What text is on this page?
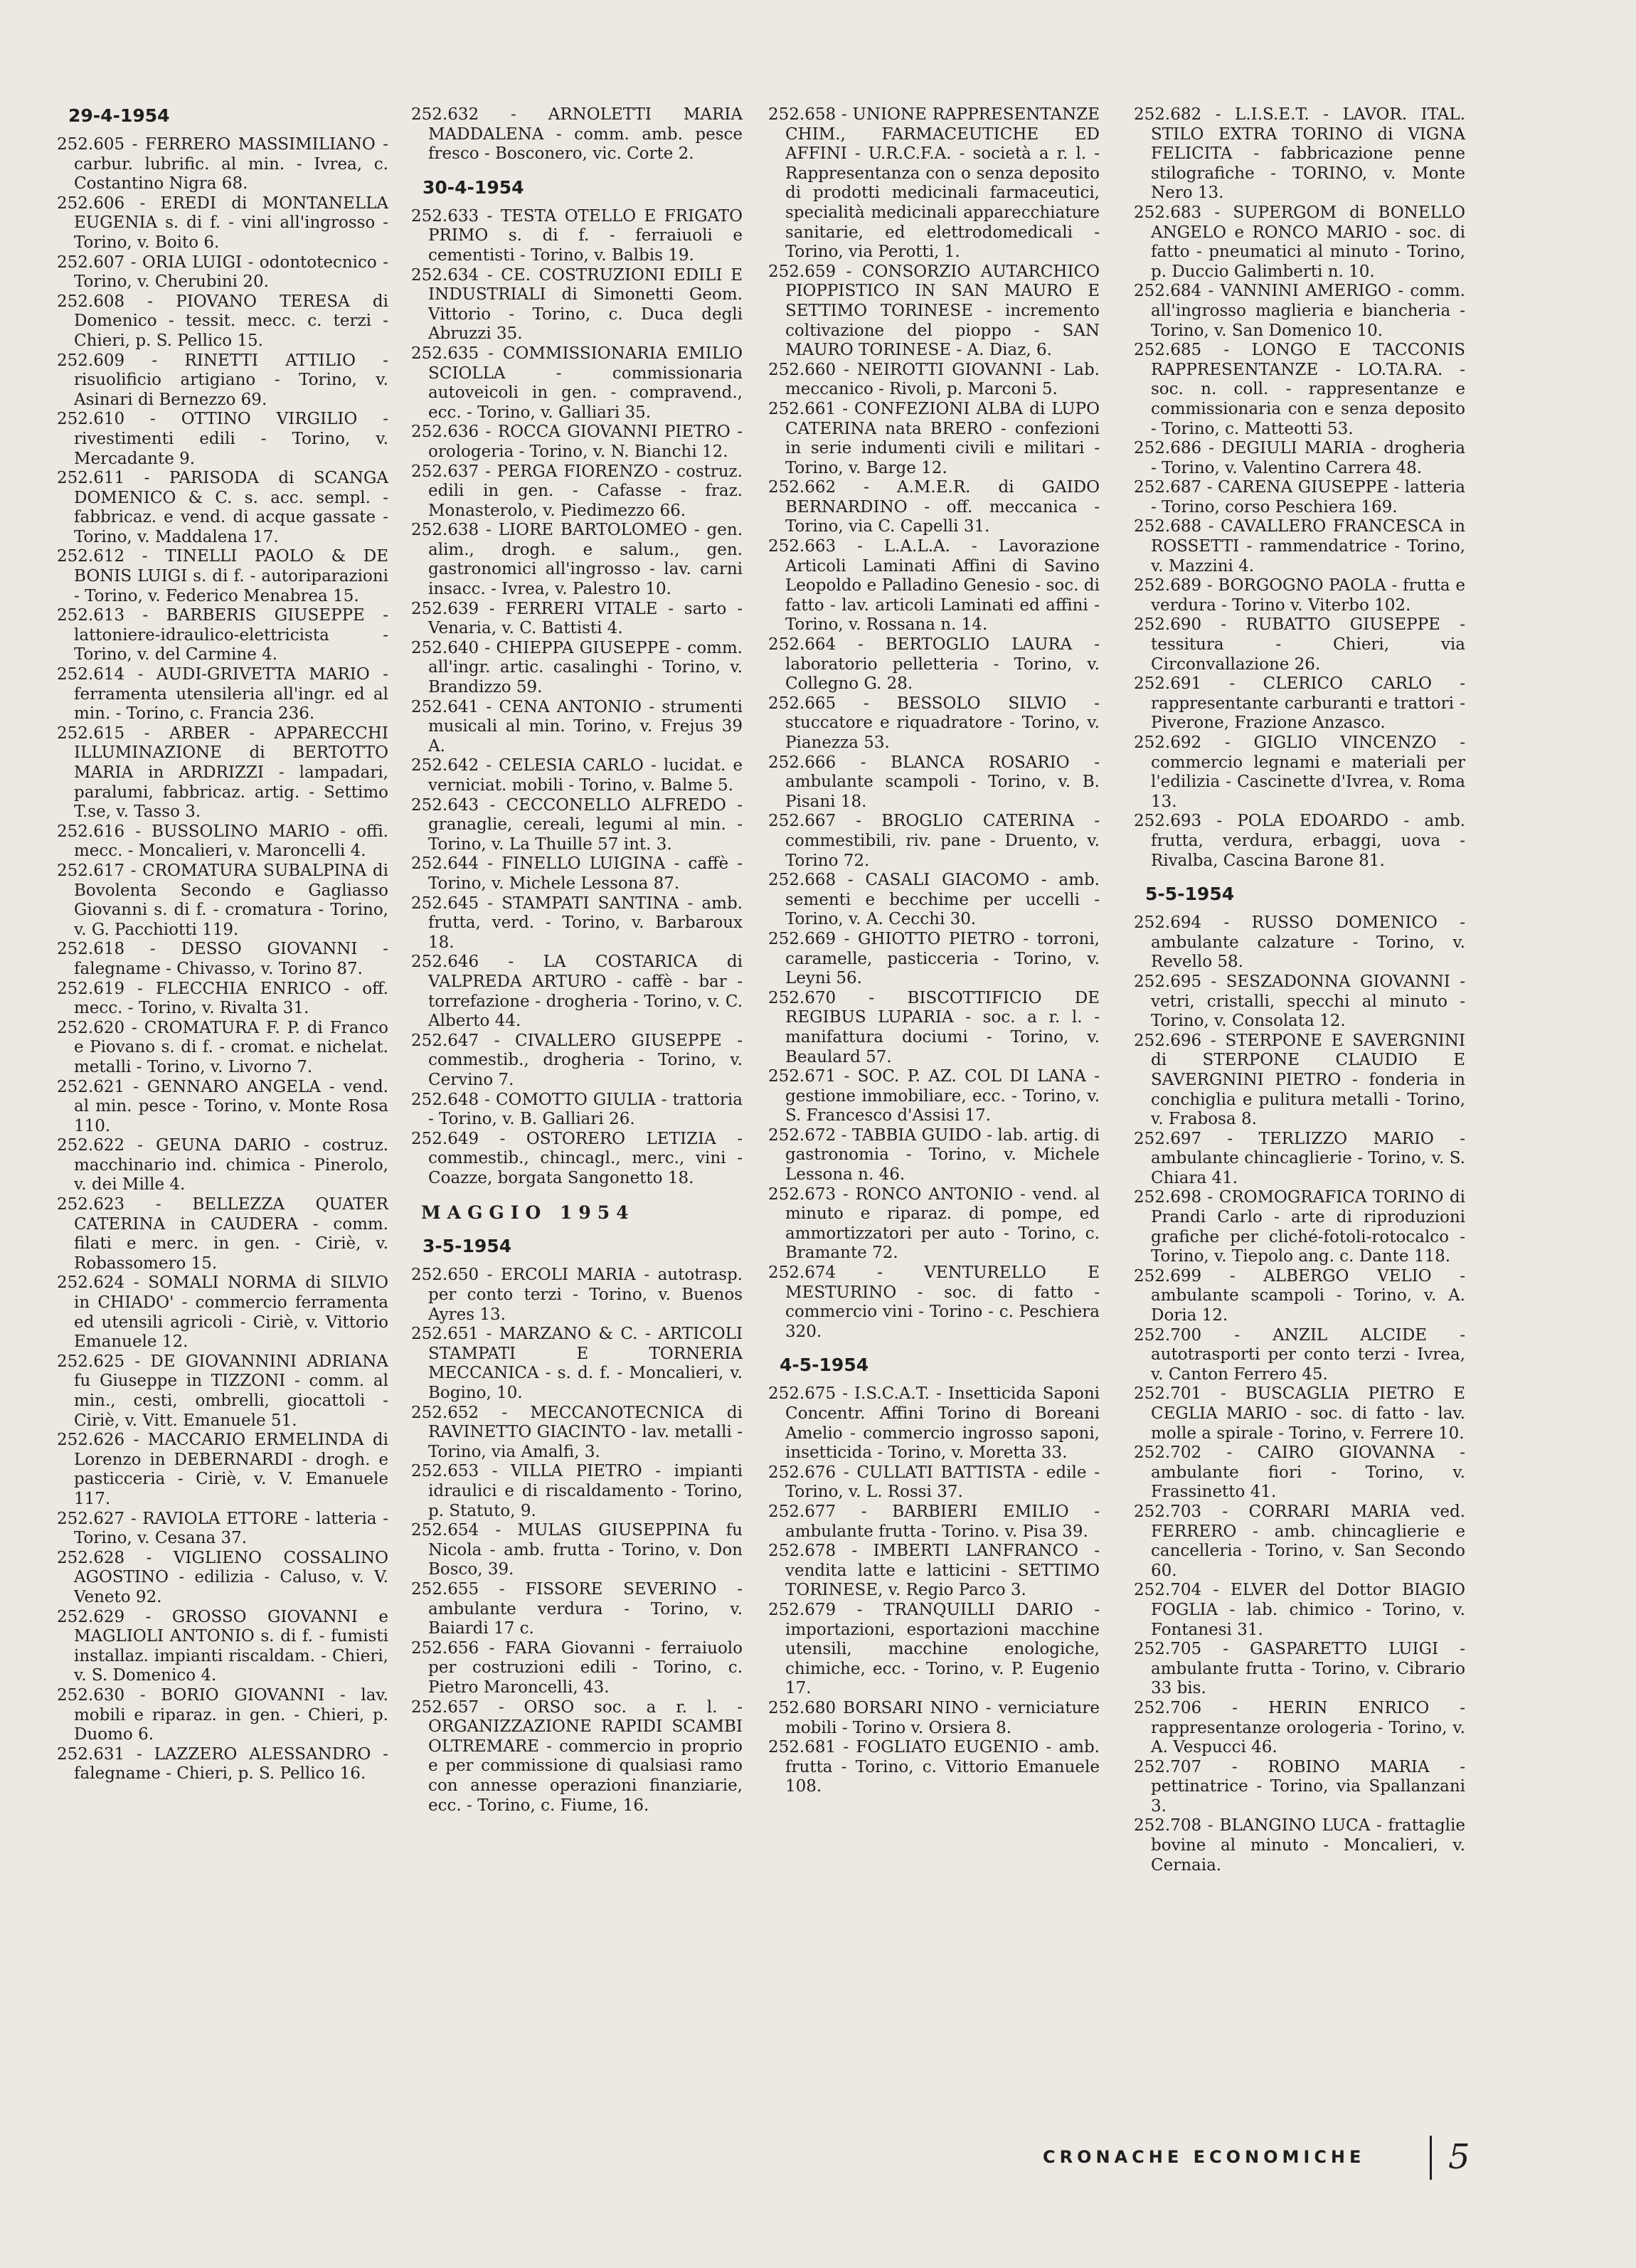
29-4-1954

252.605 - FERRERO MASSIMILIANO - carbur. lubrific. al min. - Ivrea, c. Costantino Nigra 68.

252.606 - EREDI di MONTANELLA EUGENIA s. di f. - vini all'ingrosso - Torino, v. Boito 6.

252.607 - ORIA LUIGI - odontotecnico - Torino, v. Cherubini 20.

252.608 - PIOVANO TERESA di Domenico - tessit. mecc. c. terzi - Chieri, p. S. Pellico 15.

252.609 - RINETTI ATTILIO - risuolificio artigiano - Torino, v. Asinari di Bernezzo 69.

252.610 - OTTINO VIRGILIO - rivestimenti edili - Torino, v. Mercadante 9.

252.611 - PARISODA di SCANGA DOMENICO & C. s. acc. sempl. - fabbricaz. e vend. di acque gassate - Torino, v. Maddalena 17.

252.612 - TINELLI PAOLO & DE BONIS LUIGI s. di f. - autoriparazioni - Torino, v. Federico Menabrea 15.

252.613 - BARBERIS GIUSEPPE - lattoniere-idraulico-elettricista - Torino, v. del Carmine 4.

252.614 - AUDI-GRIVETTA MARIO - ferramenta utensileria all'ingr. ed al min. - Torino, c. Francia 236.

252.615 - ARBER - APPARECCHI ILLUMINAZIONE di BERTOTTO MARIA in ARDRIZZI - lampadari, paralumi, fabbricaz. artig. - Settimo T.se, v. Tasso 3.

252.616 - BUSSOLINO MARIO - offi. mecc. - Moncalieri, v. Maroncelli 4.

252.617 - CROMATURA SUBALPINA di Bovolenta Secondo e Gagliasso Giovanni s. di f. - cromatura - Torino, v. G. Pacchiotti 119.

252.618 - DESSO GIOVANNI - falegname - Chivasso, v. Torino 87.

252.619 - FLECCHIA ENRICO - off. mecc. - Torino, v. Rivalta 31.

252.620 - CROMATURA F. P. di Franco e Piovano s. di f. - cromat. e nichelat. metalli - Torino, v. Livorno 7.

252.621 - GENNARO ANGELA - vend. al min. pesce - Torino, v. Monte Rosa 110.

252.622 - GEUNA DARIO - costruz. macchinario ind. chimica - Pinerolo, v. dei Mille 4.

252.623 - BELLEZZA QUATER CATERINA in CAUDERA - comm. filati e merc. in gen. - Ciriè, v. Robassomero 15.

252.624 - SOMALI NORMA di SILVIO in CHIADO' - commercio ferramenta ed utensili agricoli - Ciriè, v. Vittorio Emanuele 12.

252.625 - DE GIOVANNINI ADRIANA fu Giuseppe in TIZZONI - comm. al min., cesti, ombrelli, giocattoli - Ciriè, v. Vitt. Emanuele 51.

252.626 - MACCARIO ERMELINDA di Lorenzo in DEBERNARDI - drogh. e pasticceria - Ciriè, v. V. Emanuele 117.

252.627 - RAVIOLA ETTORE - latteria - Torino, v. Cesana 37.

252.628 - VIGLIENO COSSALINO AGOSTINO - edilizia - Caluso, v. V. Veneto 92.

252.629 - GROSSO GIOVANNI e MAGLIOLI ANTONIO s. di f. - fumisti installaz. impianti riscaldam. - Chieri, v. S. Domenico 4.

252.630 - BORIO GIOVANNI - lav. mobili e riparaz. in gen. - Chieri, p. Duomo 6.

252.631 - LAZZERO ALESSANDRO - falegname - Chieri, p. S. Pellico 16.

252.632 - ARNOLETTI MARIA MADDALENA - comm. amb. pesce fresco - Bosconero, vic. Corte 2.

30-4-1954

252.633 - TESTA OTELLO E FRIGATO PRIMO s. di f. - ferraiuoli e cementisti - Torino, v. Balbis 19.

252.634 - CE. COSTRUZIONI EDILI E INDUSTRIALI di Simonetti Geom. Vittorio - Torino, c. Duca degli Abruzzi 35.

252.635 - COMMISSIONARIA EMILIO SCIOLLA - commissionaria autoveicoli in gen. - compravend., ecc. - Torino, v. Galliari 35.

252.636 - ROCCA GIOVANNI PIETRO - orologeria - Torino, v. N. Bianchi 12.

252.637 - PERGA FIORENZO - costruz. edili in gen. - Cafasse - fraz. Monasterolo, v. Piedimezzo 66.

252.638 - LIORE BARTOLOMEO - gen. alim., drogh. e salum., gen. gastronomici all'ingrosso - lav. carni insacc. - Ivrea, v. Palestro 10.

252.639 - FERRERI VITALE - sarto - Venaria, v. C. Battisti 4.

252.640 - CHIEPPA GIUSEPPE - comm. all'ingr. artic. casalinghi - Torino, v. Brandizzo 59.

252.641 - CENA ANTONIO - strumenti musicali al min. Torino, v. Frejus 39 A.

252.642 - CELESIA CARLO - lucidat. e verniciat. mobili - Torino, v. Balme 5.

252.643 - CECCONELLO ALFREDO - granaglie, cereali, legumi al min. - Torino, v. La Thuille 57 int. 3.

252.644 - FINELLO LUIGINA - caffè - Torino, v. Michele Lessona 87.

252.645 - STAMPATI SANTINA - amb. frutta, verd. - Torino, v. Barbaroux 18.

252.646 - LA COSTARICA di VALPREDA ARTURO - caffè - bar - torrefazione - drogheria - Torino, v. C. Alberto 44.

252.647 - CIVALLERO GIUSEPPE - commestib., drogheria - Torino, v. Cervino 7.

252.648 - COMOTTO GIULIA - trattoria - Torino, v. B. Galliari 26.

252.649 - OSTORERO LETIZIA - commestib., chincagl., merc., vini - Coazze, borgata Sangonetto 18.

MAGGIO 1954
3-5-1954

252.650 - ERCOLI MARIA - autotrasp. per conto terzi - Torino, v. Buenos Ayres 13.

252.651 - MARZANO & C. - ARTICOLI STAMPATI E TORNERIA MECCANICA - s. d. f. - Moncalieri, v. Bogino, 10.

252.652 - MECCANOTECNICA di RAVINETTO GIACINTO - lav. metalli - Torino, via Amalfi, 3.

252.653 - VILLA PIETRO - impianti idraulici e di riscaldamento - Torino, p. Statuto, 9.

252.654 - MULAS GIUSEPPINA fu Nicola - amb. frutta - Torino, v. Don Bosco, 39.

252.655 - FISSORE SEVERINO - ambulante verdura - Torino, v. Baiardi 17 c.

252.656 - FARA Giovanni - ferraiuolo per costruzioni edili - Torino, c. Pietro Maroncelli, 43.

252.657 - ORSO soc. a r. l. - ORGANIZZAZIONE RAPIDI SCAMBI OLTREMARE - commercio in proprio e per commissione di qualsiasi ramo con annesse operazioni finanziarie, ecc. - Torino, c. Fiume, 16.

252.658 - UNIONE RAPPRESENTANZE CHIM., FARMACEUTICHE ED AFFINI - U.R.C.F.A. - società a r. l. - Rappresentanza con o senza deposito di prodotti medicinali farmaceutici, specialità medicinali apparecchiature sanitarie, ed elettrodomedicali - Torino, via Perotti, 1.

252.659 - CONSORZIO AUTARCHICO PIOPPISTICO IN SAN MAURO E SETTIMO TORINESE - incremento coltivazione del pioppo - SAN MAURO TORINESE - A. Diaz, 6.

252.660 - NEIROTTI GIOVANNI - Lab. meccanico - Rivoli, p. Marconi 5.

252.661 - CONFEZIONI ALBA di LUPO CATERINA nata BRERO - confezioni in serie indumenti civili e militari - Torino, v. Barge 12.

252.662 - A.M.E.R. di GAIDO BERNARDINO - off. meccanica - Torino, via C. Capelli 31.

252.663 - L.A.L.A. - Lavorazione Articoli Laminati Affini di Savino Leopoldo e Palladino Genesio - soc. di fatto - lav. articoli Laminati ed affini - Torino, v. Rossana n. 14.

252.664 - BERTOGLIO LAURA - laboratorio pelletteria - Torino, v. Collegno G. 28.

252.665 - BESSOLO SILVIO - stuccatore e riquadratore - Torino, v. Pianezza 53.

252.666 - BLANCA ROSARIO - ambulante scampoli - Torino, v. B. Pisani 18.

252.667 - BROGLIO CATERINA - commestibili, riv. pane - Druento, v. Torino 72.

252.668 - CASALI GIACOMO - amb. sementi e becchime per uccelli - Torino, v. A. Cecchi 30.

252.669 - GHIOTTO PIETRO - torroni, caramelle, pasticceria - Torino, v. Leyni 56.

252.670 - BISCOTTIFICIO DE REGIBUS LUPARIA - soc. a r. l. - manifattura dociumi - Torino, v. Beaulard 57.

252.671 - SOC. P. AZ. COL DI LANA - gestione immobiliare, ecc. - Torino, v. S. Francesco d'Assisi 17.

252.672 - TABBIA GUIDO - lab. artig. di gastronomia - Torino, v. Michele Lessona n. 46.

252.673 - RONCO ANTONIO - vend. al minuto e riparaz. di pompe, ed ammortizzatori per auto - Torino, c. Bramante 72.

252.674 - VENTURELLO E MESTURINO - soc. di fatto - commercio vini - Torino - c. Peschiera 320.

4-5-1954

252.675 - I.S.C.A.T. - Insetticida Saponi Concentr. Affini Torino di Boreani Amelio - commercio ingrosso saponi, insetticida - Torino, v. Moretta 33.

252.676 - CULLATI BATTISTA - edile - Torino, v. L. Rossi 37.

252.677 - BARBIERI EMILIO - ambulante frutta - Torino. v. Pisa 39.

252.678 - IMBERTI LANFRANCO - vendita latte e latticini - SETTIMO TORINESE, v. Regio Parco 3.

252.679 - TRANQUILLI DARIO - importazioni, esportazioni macchine utensili, macchine enologiche, chimiche, ecc. - Torino, v. P. Eugenio 17.

252.680 BORSARI NINO - verniciature mobili - Torino v. Orsiera 8.

252.681 - FOGLIATO EUGENIO - amb. frutta - Torino, c. Vittorio Emanuele 108.

252.682 - L.I.S.E.T. - LAVOR. ITAL. STILO EXTRA TORINO di VIGNA FELICITA - fabbricazione penne stilografiche - TORINO, v. Monte Nero 13.

252.683 - SUPERGOM di BONELLO ANGELO e RONCO MARIO - soc. di fatto - pneumatici al minuto - Torino, p. Duccio Galimberti n. 10.

252.684 - VANNINI AMERIGO - comm. all'ingrosso maglieria e biancheria - Torino, v. San Domenico 10.

252.685 - LONGO E TACCONIS RAPPRESENTANZE - LO.TA.RA. - soc. n. coll. - rappresentanze e commissionaria con e senza deposito - Torino, c. Matteotti 53.

252.686 - DEGIULI MARIA - drogheria - Torino, v. Valentino Carrera 48.

252.687 - CARENA GIUSEPPE - latteria - Torino, corso Peschiera 169.

252.688 - CAVALLERO FRANCESCA in ROSSETTI - rammendatrice - Torino, v. Mazzini 4.

252.689 - BORGOGNO PAOLA - frutta e verdura - Torino v. Viterbo 102.

252.690 - RUBATTO GIUSEPPE - tessitura - Chieri, via Circonvallazione 26.

252.691 - CLERICO CARLO - rappresentante carburanti e trattori - Piverone, Frazione Anzasco.

252.692 - GIGLIO VINCENZO - commercio legnami e materiali per l'edilizia - Cascinette d'Ivrea, v. Roma 13.

252.693 - POLA EDOARDO - amb. frutta, verdura, erbaggi, uova - Rivalba, Cascina Barone 81.

5-5-1954

252.694 - RUSSO DOMENICO - ambulante calzature - Torino, v. Revello 58.

252.695 - SESZADONNA GIOVANNI - vetri, cristalli, specchi al minuto - Torino, v. Consolata 12.

252.696 - STERPONE E SAVERGNINI di STERPONE CLAUDIO E SAVERGNINI PIETRO - fonderia in conchiglia e pulitura metalli - Torino, v. Frabosa 8.

252.697 - TERLIZZO MARIO - ambulante chincaglierie - Torino, v. S. Chiara 41.

252.698 - CROMOGRAFICA TORINO di Prandi Carlo - arte di riproduzioni grafiche per cliché-fotoli-rotocalco - Torino, v. Tiepolo ang. c. Dante 118.

252.699 - ALBERGO VELIO - ambulante scampoli - Torino, v. A. Doria 12.

252.700 - ANZIL ALCIDE - autotrasporti per conto terzi - Ivrea, v. Canton Ferrero 45.

252.701 - BUSCAGLIA PIETRO E CEGLIA MARIO - soc. di fatto - lav. molle a spirale - Torino, v. Ferrere 10.

252.702 - CAIRO GIOVANNA - ambulante fiori - Torino, v. Frassinetto 41.

252.703 - CORRARI MARIA ved. FERRERO - amb. chincaglierie e cancelleria - Torino, v. San Secondo 60.

252.704 - ELVER del Dottor BIAGIO FOGLIA - lab. chimico - Torino, v. Fontanesi 31.

252.705 - GASPARETTO LUIGI - ambulante frutta - Torino, v. Cibrario 33 bis.

252.706 - HERIN ENRICO - rappresentanze orologeria - Torino, v. A. Vespucci 46.

252.707 - ROBINO MARIA - pettinatrice - Torino, via Spallanzani 3.

252.708 - BLANGINO LUCA - frattaglie bovine al minuto - Moncalieri, v. Cernaia.

CRONACHE ECONOMICHE 5
